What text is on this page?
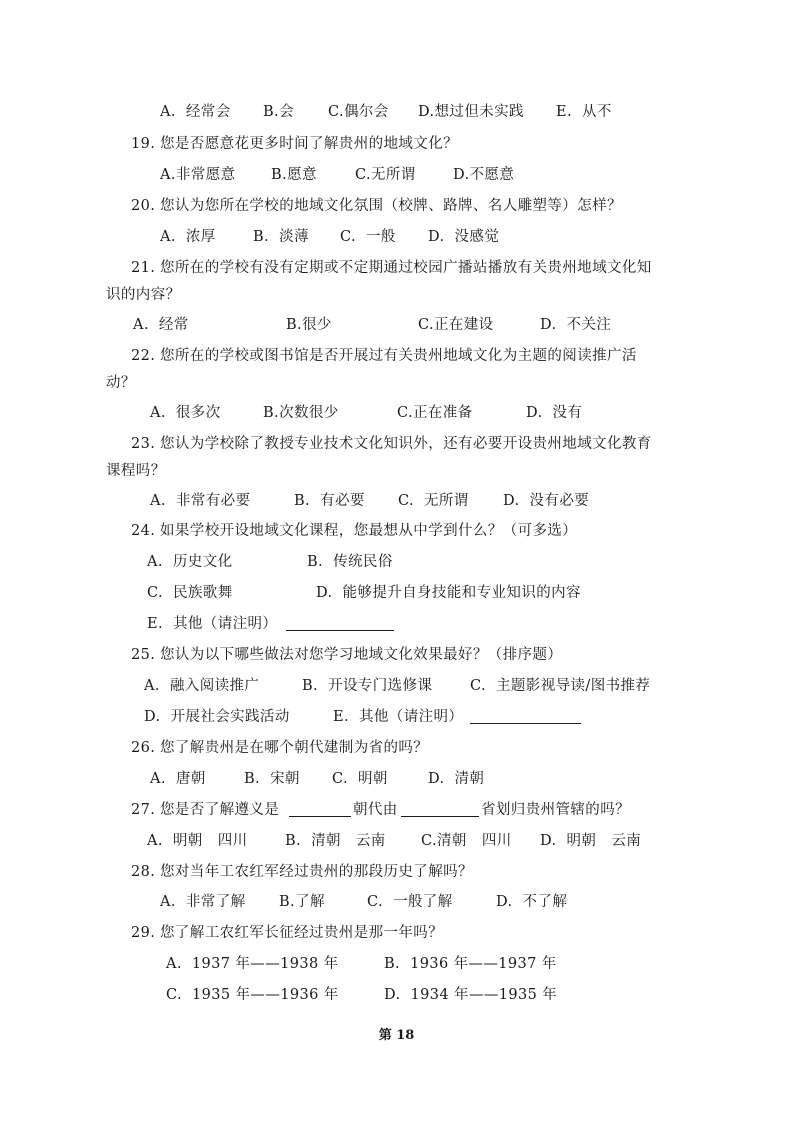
A.  经常会 B.会 C.偶尔会 D.想过但未实践 E.  从不
19. 您是否愿意花更多时间了解贵州的地域文化？
A.非常愿意 B.愿意	C.无所谓	D.不愿意
20. 您认为您所在学校的地域文化氛围（校牌、路牌、名人雕塑等）怎样？
A.  浓厚	B.  淡薄 C.  一般 D.  没感觉
21. 您所在的学校有没有定期或不定期通过校园广播站播放有关贵州地域文化知
识的内容？
A.  经常	B.很少	C.正在建设	D.  不关注
22. 您所在的学校或图书馆是否开展过有关贵州地域文化为主题的阅读推广活
动？
A.  很多次	B.次数很少	C.正在准备	D.  没有
23. 您认为学校除了教授专业技术文化知识外，还有必要开设贵州地域文化教育
课程吗？
A.  非常有必要	B.  有必要 C.  无所谓 D.  没有必要
24. 如果学校开设地域文化课程，您最想从中学到什么？（可多选）
A.  历史文化	B.  传统民俗
C.  民族歌舞	D.  能够提升自身技能和专业知识的内容
E.  其他（请注明）
25. 您认为以下哪些做法对您学习地域文化效果最好？（排序题）
A.  融入阅读推广	B.  开设专门选修课	C.  主题影视导读/图书推荐
D.  开展社会实践活动	E.  其他（请注明）
26. 您了解贵州是在哪个朝代建制为省的吗？
A.  唐朝	B.  宋朝 C.  明朝	D.  清朝
27. 您是否了解遵义是	朝代由	省划归贵州管辖的吗？
A.  明朝   四川	B.  清朝   云南 C.清朝   四川 D.  明朝   云南
28. 您对当年工农红军经过贵州的那段历史了解吗？
A.  非常了解 B.了解	C.  一般了解	D.  不了解
29. 您了解工农红军长征经过贵州是那一年吗？
A.  1937 年——1938 年	B.  1936 年——1937 年
C.  1935 年——1936 年	D.  1934 年——1935 年
第 18
